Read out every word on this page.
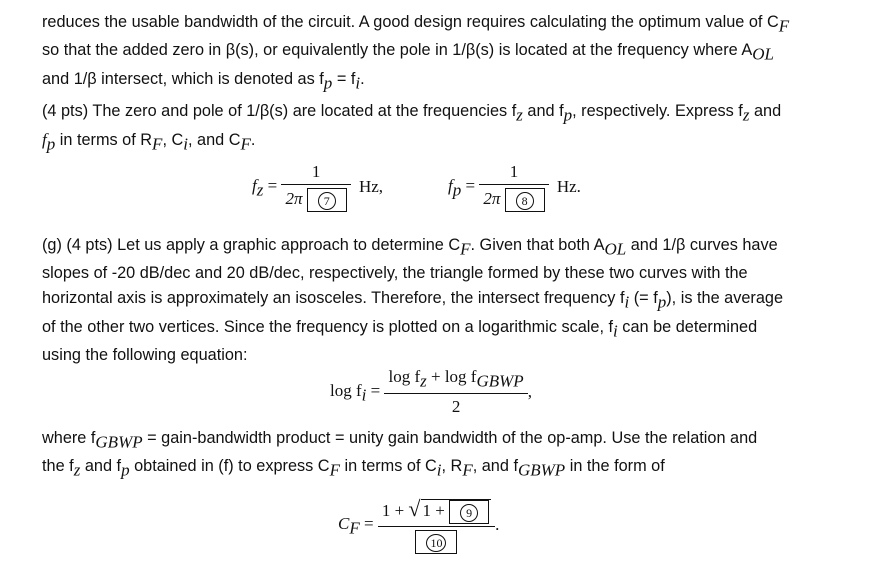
reduces the usable bandwidth of the circuit. A good design requires calculating the optimum value of $C_F$
so that the added zero in β(s), or equivalently the pole in 1/β(s) is located at the frequency where $A_{OL}$
and 1/β intersect, which is denoted as $f_p = f_i$.
(4 pts) The zero and pole of 1/β(s) are located at the frequencies $f_z$ and $f_p$, respectively. Express $f_z$ and
$f_p$ in terms of $R_F$, $C_i$, and $C_F$.
$f_z = \frac{1}{2\pi 7} Hz$,	$f_p = \frac{1}{2\pi 8} Hz$.
(g) (4 pts) Let us apply a graphic approach to determine $C_F$. Given that both $A_{OL}$ and 1/β curves have
slopes of -20 dB/dec and 20 dB/dec, respectively, the triangle formed by these two curves with the
horizontal axis is approximately an isosceles. Therefore, the intersect frequency $f_i$ (= $f_p$), is the average
of the other two vertices. Since the frequency is plotted on a logarithmic scale, $f_i$ can be determined
using the following equation:
$\log f_i = \frac{\log f_z + \log f_{GBWP}}{2}$ ,
where $f_{GBWP}$ = gain-bandwidth product = unity gain bandwidth of the op-amp. Use the relation and
the $f_z$ and $f_p$ obtained in (f) to express $C_F$ in terms of $C_i$, $R_F$, and $f_{GBWP}$ in the form of
$C_F = \frac{1 + √ 1 + 9}{10}$ .
